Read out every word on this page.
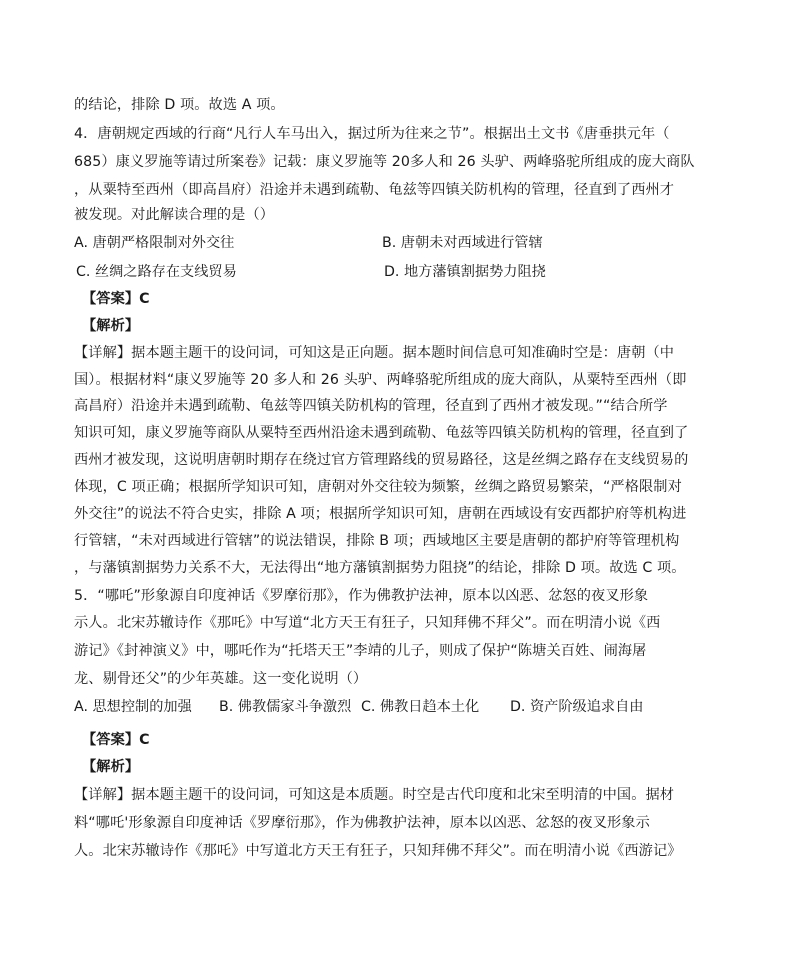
的结论，排除 D 项。故选 A 项。
4．唐朝规定西域的行商“凡行人车马出入，据过所为往来之节”。根据出土文书《唐垂拱元年（
685）康义罗施等请过所案卷》记载：康义罗施等 20多人和 26 头驴、两峰骆驼所组成的庞大商队
，从粟特至西州（即高昌府）沿途并未遇到疏勒、龟兹等四镇关防机构的管理，径直到了西州才
被发现。对此解读合理的是（）
A. 唐朝严格限制对外交往	B. 唐朝未对西域进行管辖
C. 丝绸之路存在支线贸易	D. 地方藩镇割据势力阻挠
【答案】C
【解析】
【详解】据本题主题干的设问词，可知这是正向题。据本题时间信息可知准确时空是：唐朝（中
国）。根据材料“康义罗施等 20 多人和 26 头驴、两峰骆驼所组成的庞大商队，从粟特至西州（即
高昌府）沿途并未遇到疏勒、龟兹等四镇关防机构的管理，径直到了西州才被发现。”“结合所学
知识可知，康义罗施等商队从粟特至西州沿途未遇到疏勒、龟兹等四镇关防机构的管理，径直到了
西州才被发现，这说明唐朝时期存在绕过官方管理路线的贸易路径，这是丝绸之路存在支线贸易的
体现，C 项正确；根据所学知识可知，唐朝对外交往较为频繁，丝绸之路贸易繁荣，“严格限制对
外交往”的说法不符合史实，排除 A 项；根据所学知识可知，唐朝在西域设有安西都护府等机构进
行管辖，“未对西域进行管辖”的说法错误，排除 B 项；西域地区主要是唐朝的都护府等管理机构
，与藩镇割据势力关系不大，无法得出“地方藩镇割据势力阻挠”的结论，排除 D 项。故选 C 项。
5．“哪吒”形象源自印度神话《罗摩衍那》，作为佛教护法神，原本以凶恶、忿怒的夜叉形象
示人。北宋苏辙诗作《那吒》中写道“北方天王有狂子，只知拜佛不拜父”。而在明清小说《西
游记》《封神演义》中，哪吒作为“托塔天王”李靖的儿子，则成了保护“陈塘关百姓、闹海屠
龙、剔骨还父”的少年英雄。这一变化说明（）
A. 思想控制的加强 B. 佛教儒家斗争激烈 C. 佛教日趋本土化 D. 资产阶级追求自由
【答案】C
【解析】
【详解】据本题主题干的设问词，可知这是本质题。时空是古代印度和北宋至明清的中国。据材
料“哪吒'形象源自印度神话《罗摩衍那》，作为佛教护法神，原本以凶恶、忿怒的夜叉形象示
人。北宋苏辙诗作《那吒》中写道北方天王有狂子，只知拜佛不拜父”。而在明清小说《西游记》
